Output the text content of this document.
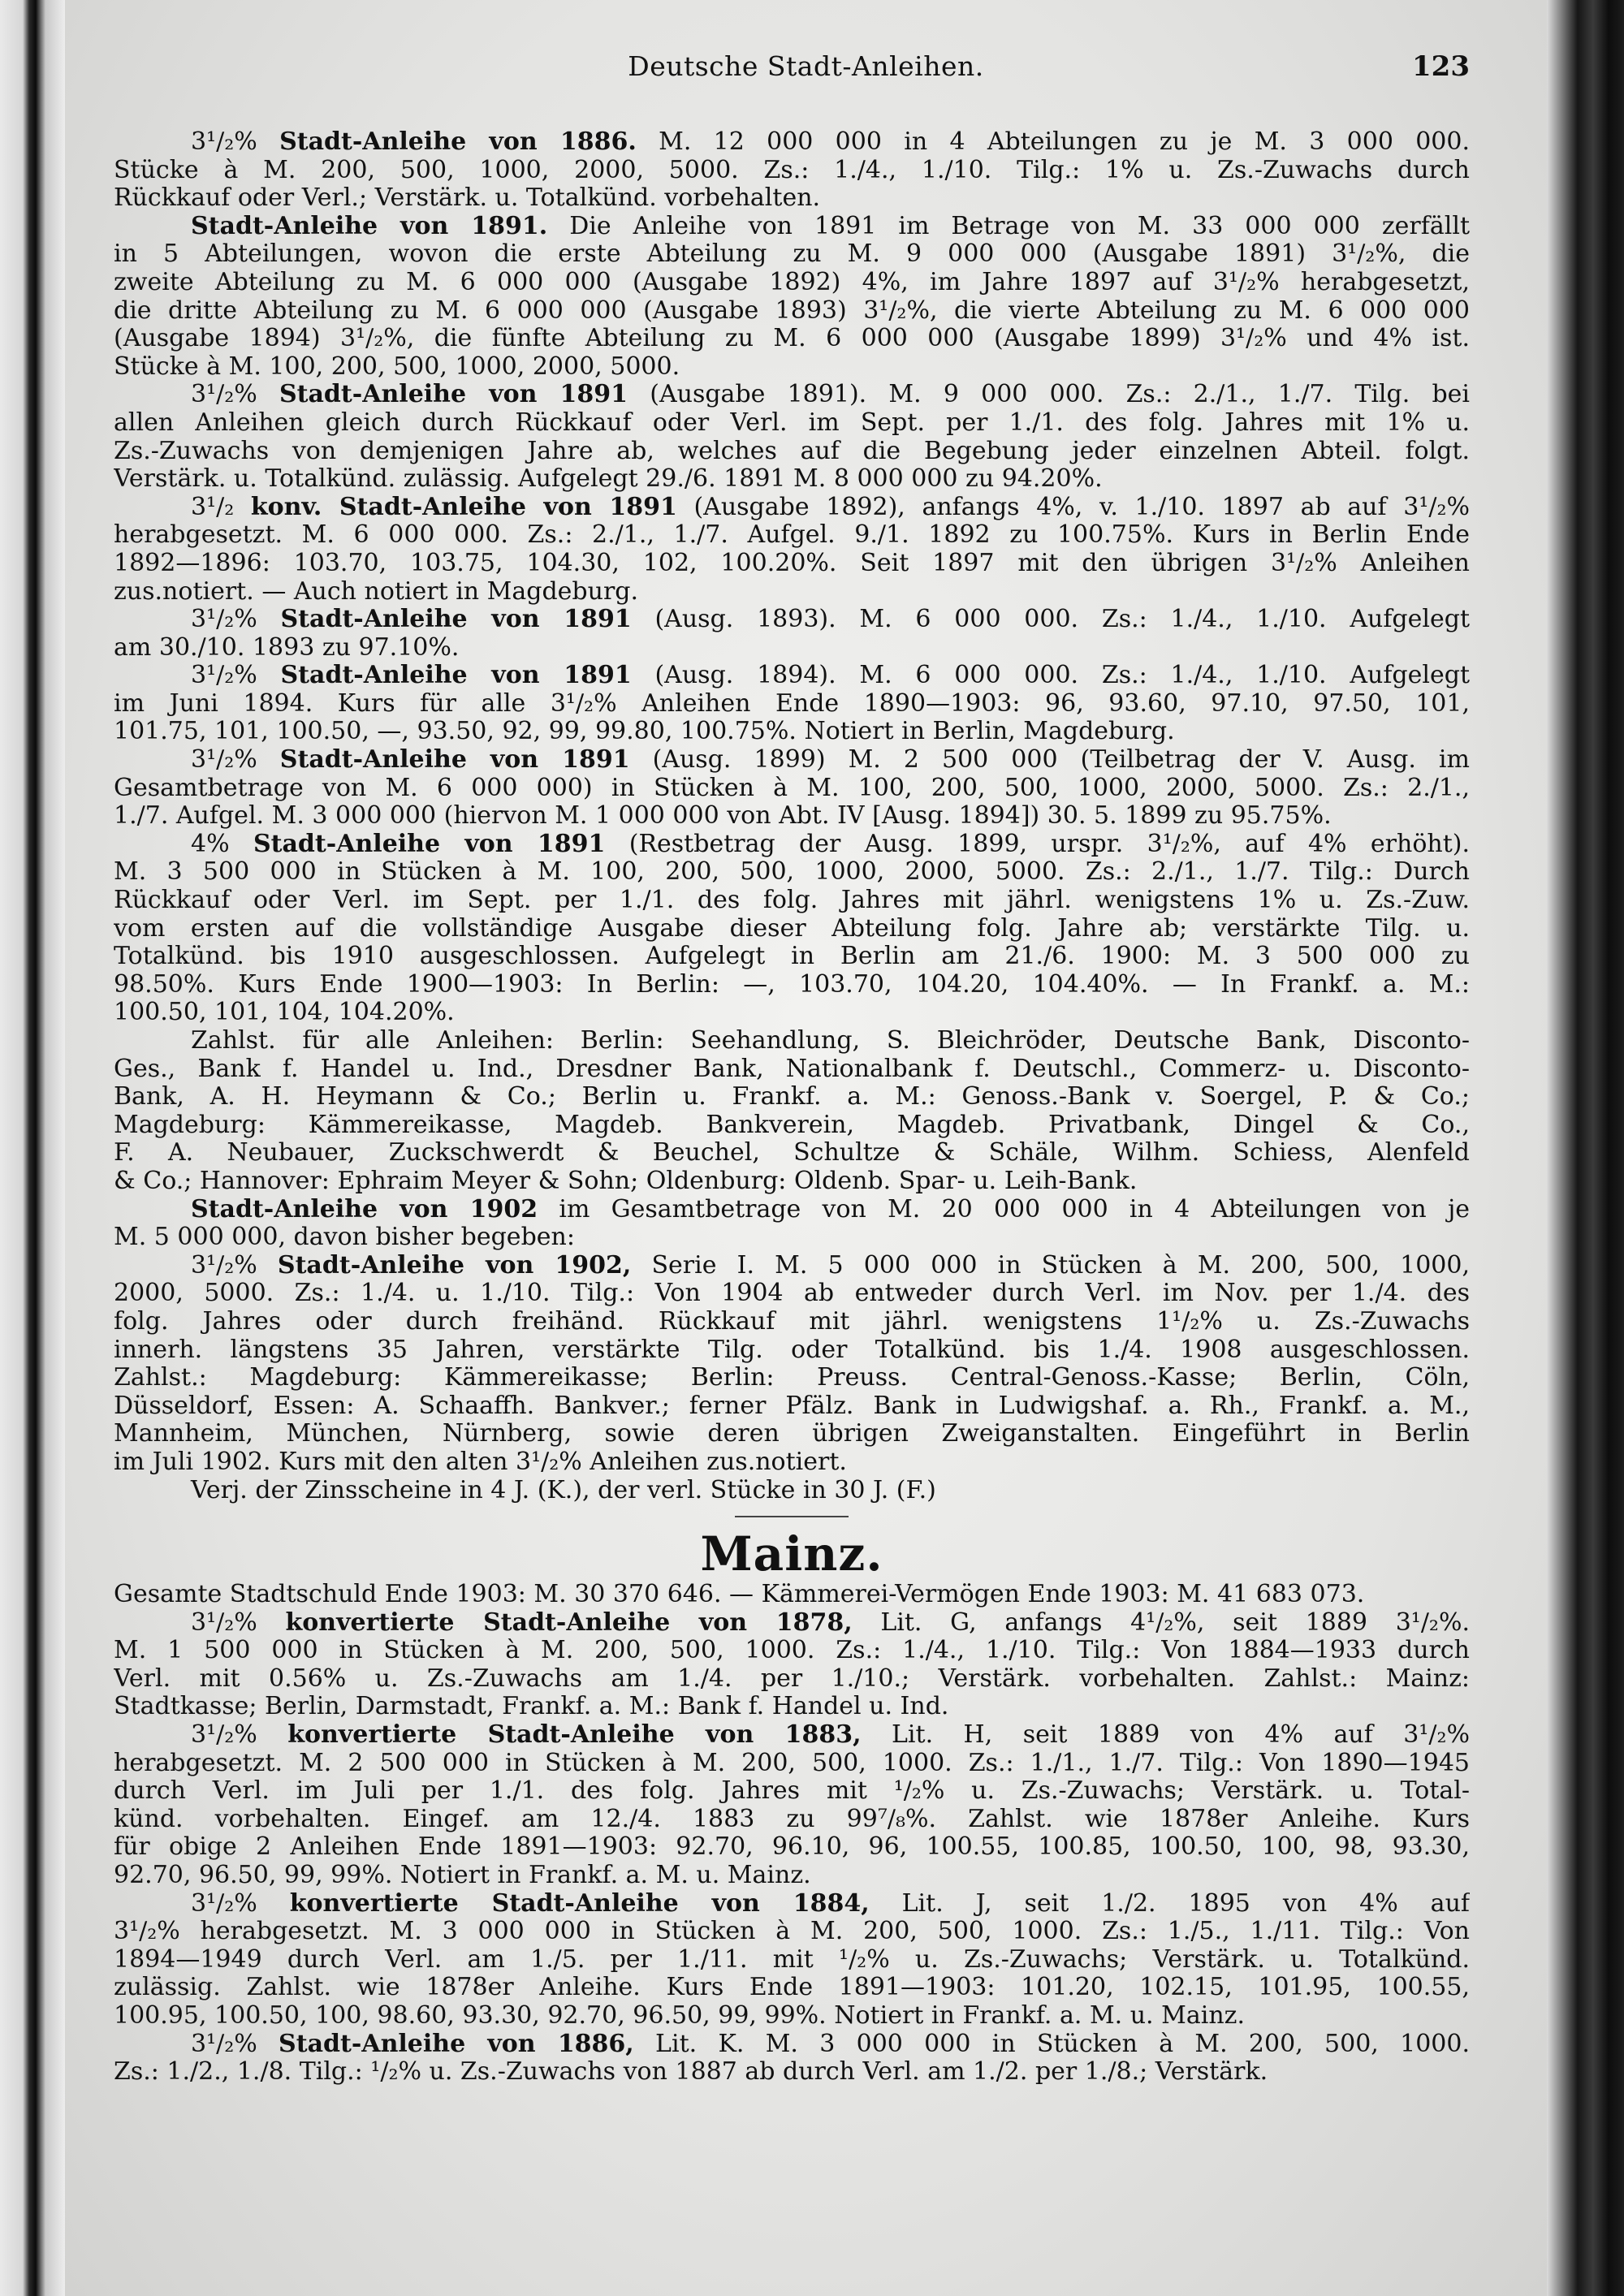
Deutsche Stadt-Anleihen.	123
3¹/₂% Stadt-Anleihe von 1886. M. 12 000 000 in 4 Abteilungen zu je M. 3 000 000.
Stücke à M. 200, 500, 1000, 2000, 5000. Zs.: 1./4., 1./10. Tilg.: 1% u. Zs.-Zuwachs durch
Rückkauf oder Verl.; Verstärk. u. Totalkünd. vorbehalten.
Stadt-Anleihe von 1891. Die Anleihe von 1891 im Betrage von M. 33 000 000 zerfällt
in 5 Abteilungen, wovon die erste Abteilung zu M. 9 000 000 (Ausgabe 1891) 3¹/₂%, die
zweite Abteilung zu M. 6 000 000 (Ausgabe 1892) 4%, im Jahre 1897 auf 3¹/₂% herabgesetzt,
die dritte Abteilung zu M. 6 000 000 (Ausgabe 1893) 3¹/₂%, die vierte Abteilung zu M. 6 000 000
(Ausgabe 1894) 3¹/₂%, die fünfte Abteilung zu M. 6 000 000 (Ausgabe 1899) 3¹/₂% und 4% ist.
Stücke à M. 100, 200, 500, 1000, 2000, 5000.
3¹/₂% Stadt-Anleihe von 1891 (Ausgabe 1891). M. 9 000 000. Zs.: 2./1., 1./7. Tilg. bei
allen Anleihen gleich durch Rückkauf oder Verl. im Sept. per 1./1. des folg. Jahres mit 1% u.
Zs.-Zuwachs von demjenigen Jahre ab, welches auf die Begebung jeder einzelnen Abteil. folgt.
Verstärk. u. Totalkünd. zulässig. Aufgelegt 29./6. 1891 M. 8 000 000 zu 94.20%.
3¹/₂ konv. Stadt-Anleihe von 1891 (Ausgabe 1892), anfangs 4%, v. 1./10. 1897 ab auf 3¹/₂%
herabgesetzt. M. 6 000 000. Zs.: 2./1., 1./7. Aufgel. 9./1. 1892 zu 100.75%. Kurs in Berlin Ende
1892—1896: 103.70, 103.75, 104.30, 102, 100.20%. Seit 1897 mit den übrigen 3¹/₂% Anleihen
zus.notiert. — Auch notiert in Magdeburg.
3¹/₂% Stadt-Anleihe von 1891 (Ausg. 1893). M. 6 000 000. Zs.: 1./4., 1./10. Aufgelegt
am 30./10. 1893 zu 97.10%.
3¹/₂% Stadt-Anleihe von 1891 (Ausg. 1894). M. 6 000 000. Zs.: 1./4., 1./10. Aufgelegt
im Juni 1894. Kurs für alle 3¹/₂% Anleihen Ende 1890—1903: 96, 93.60, 97.10, 97.50, 101,
101.75, 101, 100.50, —, 93.50, 92, 99, 99.80, 100.75%. Notiert in Berlin, Magdeburg.
3¹/₂% Stadt-Anleihe von 1891 (Ausg. 1899) M. 2 500 000 (Teilbetrag der V. Ausg. im
Gesamtbetrage von M. 6 000 000) in Stücken à M. 100, 200, 500, 1000, 2000, 5000. Zs.: 2./1.,
1./7. Aufgel. M. 3 000 000 (hiervon M. 1 000 000 von Abt. IV [Ausg. 1894]) 30. 5. 1899 zu 95.75%.
4% Stadt-Anleihe von 1891 (Restbetrag der Ausg. 1899, urspr. 3¹/₂%, auf 4% erhöht).
M. 3 500 000 in Stücken à M. 100, 200, 500, 1000, 2000, 5000. Zs.: 2./1., 1./7. Tilg.: Durch
Rückkauf oder Verl. im Sept. per 1./1. des folg. Jahres mit jährl. wenigstens 1% u. Zs.-Zuw.
vom ersten auf die vollständige Ausgabe dieser Abteilung folg. Jahre ab; verstärkte Tilg. u.
Totalkünd. bis 1910 ausgeschlossen. Aufgelegt in Berlin am 21./6. 1900: M. 3 500 000 zu
98.50%. Kurs Ende 1900—1903: In Berlin: —, 103.70, 104.20, 104.40%. — In Frankf. a. M.:
100.50, 101, 104, 104.20%.
Zahlst. für alle Anleihen: Berlin: Seehandlung, S. Bleichröder, Deutsche Bank, Disconto-
Ges., Bank f. Handel u. Ind., Dresdner Bank, Nationalbank f. Deutschl., Commerz- u. Disconto-
Bank, A. H. Heymann & Co.; Berlin u. Frankf. a. M.: Genoss.-Bank v. Soergel, P. & Co.;
Magdeburg: Kämmereikasse, Magdeb. Bankverein, Magdeb. Privatbank, Dingel & Co.,
F. A. Neubauer, Zuckschwerdt & Beuchel, Schultze & Schäle, Wilhm. Schiess, Alenfeld
& Co.; Hannover: Ephraim Meyer & Sohn; Oldenburg: Oldenb. Spar- u. Leih-Bank.
Stadt-Anleihe von 1902 im Gesamtbetrage von M. 20 000 000 in 4 Abteilungen von je
M. 5 000 000, davon bisher begeben:
3¹/₂% Stadt-Anleihe von 1902, Serie I. M. 5 000 000 in Stücken à M. 200, 500, 1000,
2000, 5000. Zs.: 1./4. u. 1./10. Tilg.: Von 1904 ab entweder durch Verl. im Nov. per 1./4. des
folg. Jahres oder durch freihänd. Rückkauf mit jährl. wenigstens 1¹/₂% u. Zs.-Zuwachs
innerh. längstens 35 Jahren, verstärkte Tilg. oder Totalkünd. bis 1./4. 1908 ausgeschlossen.
Zahlst.: Magdeburg: Kämmereikasse; Berlin: Preuss. Central-Genoss.-Kasse; Berlin, Cöln,
Düsseldorf, Essen: A. Schaaffh. Bankver.; ferner Pfälz. Bank in Ludwigshaf. a. Rh., Frankf. a. M.,
Mannheim, München, Nürnberg, sowie deren übrigen Zweiganstalten. Eingeführt in Berlin
im Juli 1902. Kurs mit den alten 3¹/₂% Anleihen zus.notiert.
Verj. der Zinsscheine in 4 J. (K.), der verl. Stücke in 30 J. (F.)
Mainz.
Gesamte Stadtschuld Ende 1903: M. 30 370 646. — Kämmerei-Vermögen Ende 1903: M. 41 683 073.
3¹/₂% konvertierte Stadt-Anleihe von 1878, Lit. G, anfangs 4¹/₂%, seit 1889 3¹/₂%.
M. 1 500 000 in Stücken à M. 200, 500, 1000. Zs.: 1./4., 1./10. Tilg.: Von 1884—1933 durch
Verl. mit 0.56% u. Zs.-Zuwachs am 1./4. per 1./10.; Verstärk. vorbehalten. Zahlst.: Mainz:
Stadtkasse; Berlin, Darmstadt, Frankf. a. M.: Bank f. Handel u. Ind.
3¹/₂% konvertierte Stadt-Anleihe von 1883, Lit. H, seit 1889 von 4% auf 3¹/₂%
herabgesetzt. M. 2 500 000 in Stücken à M. 200, 500, 1000. Zs.: 1./1., 1./7. Tilg.: Von 1890—1945
durch Verl. im Juli per 1./1. des folg. Jahres mit ¹/₂% u. Zs.-Zuwachs; Verstärk. u. Total-
künd. vorbehalten. Eingef. am 12./4. 1883 zu 99⁷/₈%. Zahlst. wie 1878er Anleihe. Kurs
für obige 2 Anleihen Ende 1891—1903: 92.70, 96.10, 96, 100.55, 100.85, 100.50, 100, 98, 93.30,
92.70, 96.50, 99, 99%. Notiert in Frankf. a. M. u. Mainz.
3¹/₂% konvertierte Stadt-Anleihe von 1884, Lit. J, seit 1./2. 1895 von 4% auf
3¹/₂% herabgesetzt. M. 3 000 000 in Stücken à M. 200, 500, 1000. Zs.: 1./5., 1./11. Tilg.: Von
1894—1949 durch Verl. am 1./5. per 1./11. mit ¹/₂% u. Zs.-Zuwachs; Verstärk. u. Totalkünd.
zulässig. Zahlst. wie 1878er Anleihe. Kurs Ende 1891—1903: 101.20, 102.15, 101.95, 100.55,
100.95, 100.50, 100, 98.60, 93.30, 92.70, 96.50, 99, 99%. Notiert in Frankf. a. M. u. Mainz.
3¹/₂% Stadt-Anleihe von 1886, Lit. K. M. 3 000 000 in Stücken à M. 200, 500, 1000.
Zs.: 1./2., 1./8. Tilg.: ¹/₂% u. Zs.-Zuwachs von 1887 ab durch Verl. am 1./2. per 1./8.; Verstärk.
